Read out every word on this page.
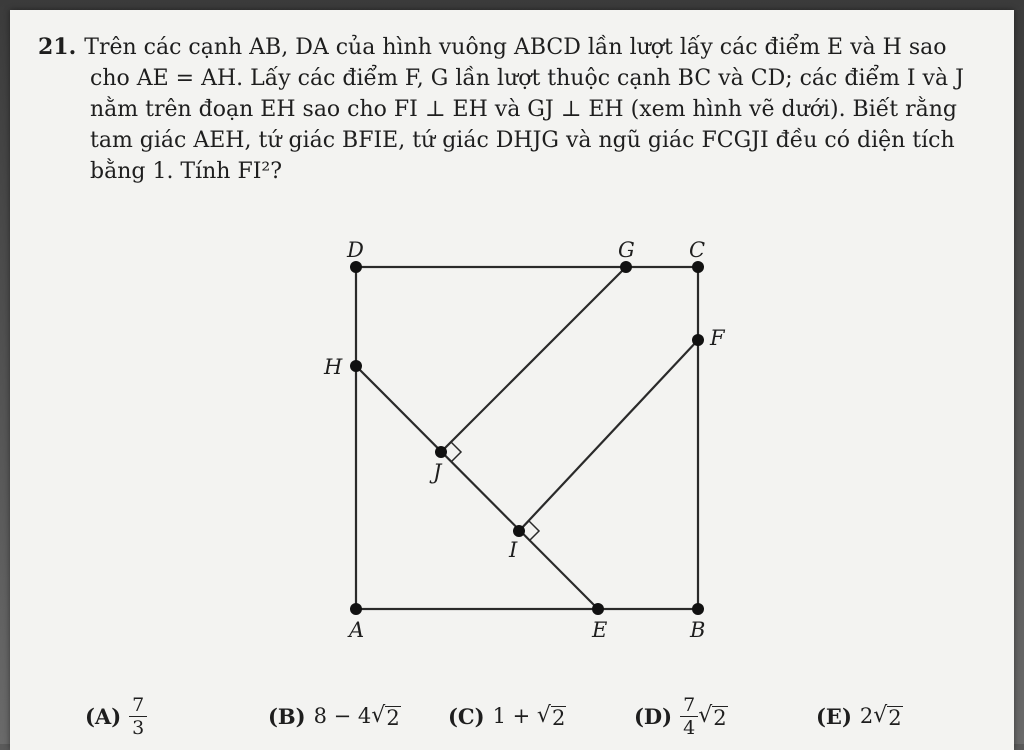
21. Trên các cạnh AB, DA của hình vuông ABCD lần lượt lấy các điểm E và H sao
cho AE = AH. Lấy các điểm F, G lần lượt thuộc cạnh BC và CD; các điểm I và J
nằm trên đoạn EH sao cho FI ⊥ EH và GJ ⊥ EH (xem hình vẽ dưới). Biết rằng
tam giác AEH, tứ giác BFIE, tứ giác DHJG và ngũ giác FCGJI đều có diện tích
bằng 1. Tính FI²?
A	B
C
D
E
F
G
H
I
J
$(A) \frac{7}{3}$	(B) 8 − 4 √ 2 (C) 1 + √ 2	$(D) \frac{7}{4}$ √ 2	(E) 2 √ 2
